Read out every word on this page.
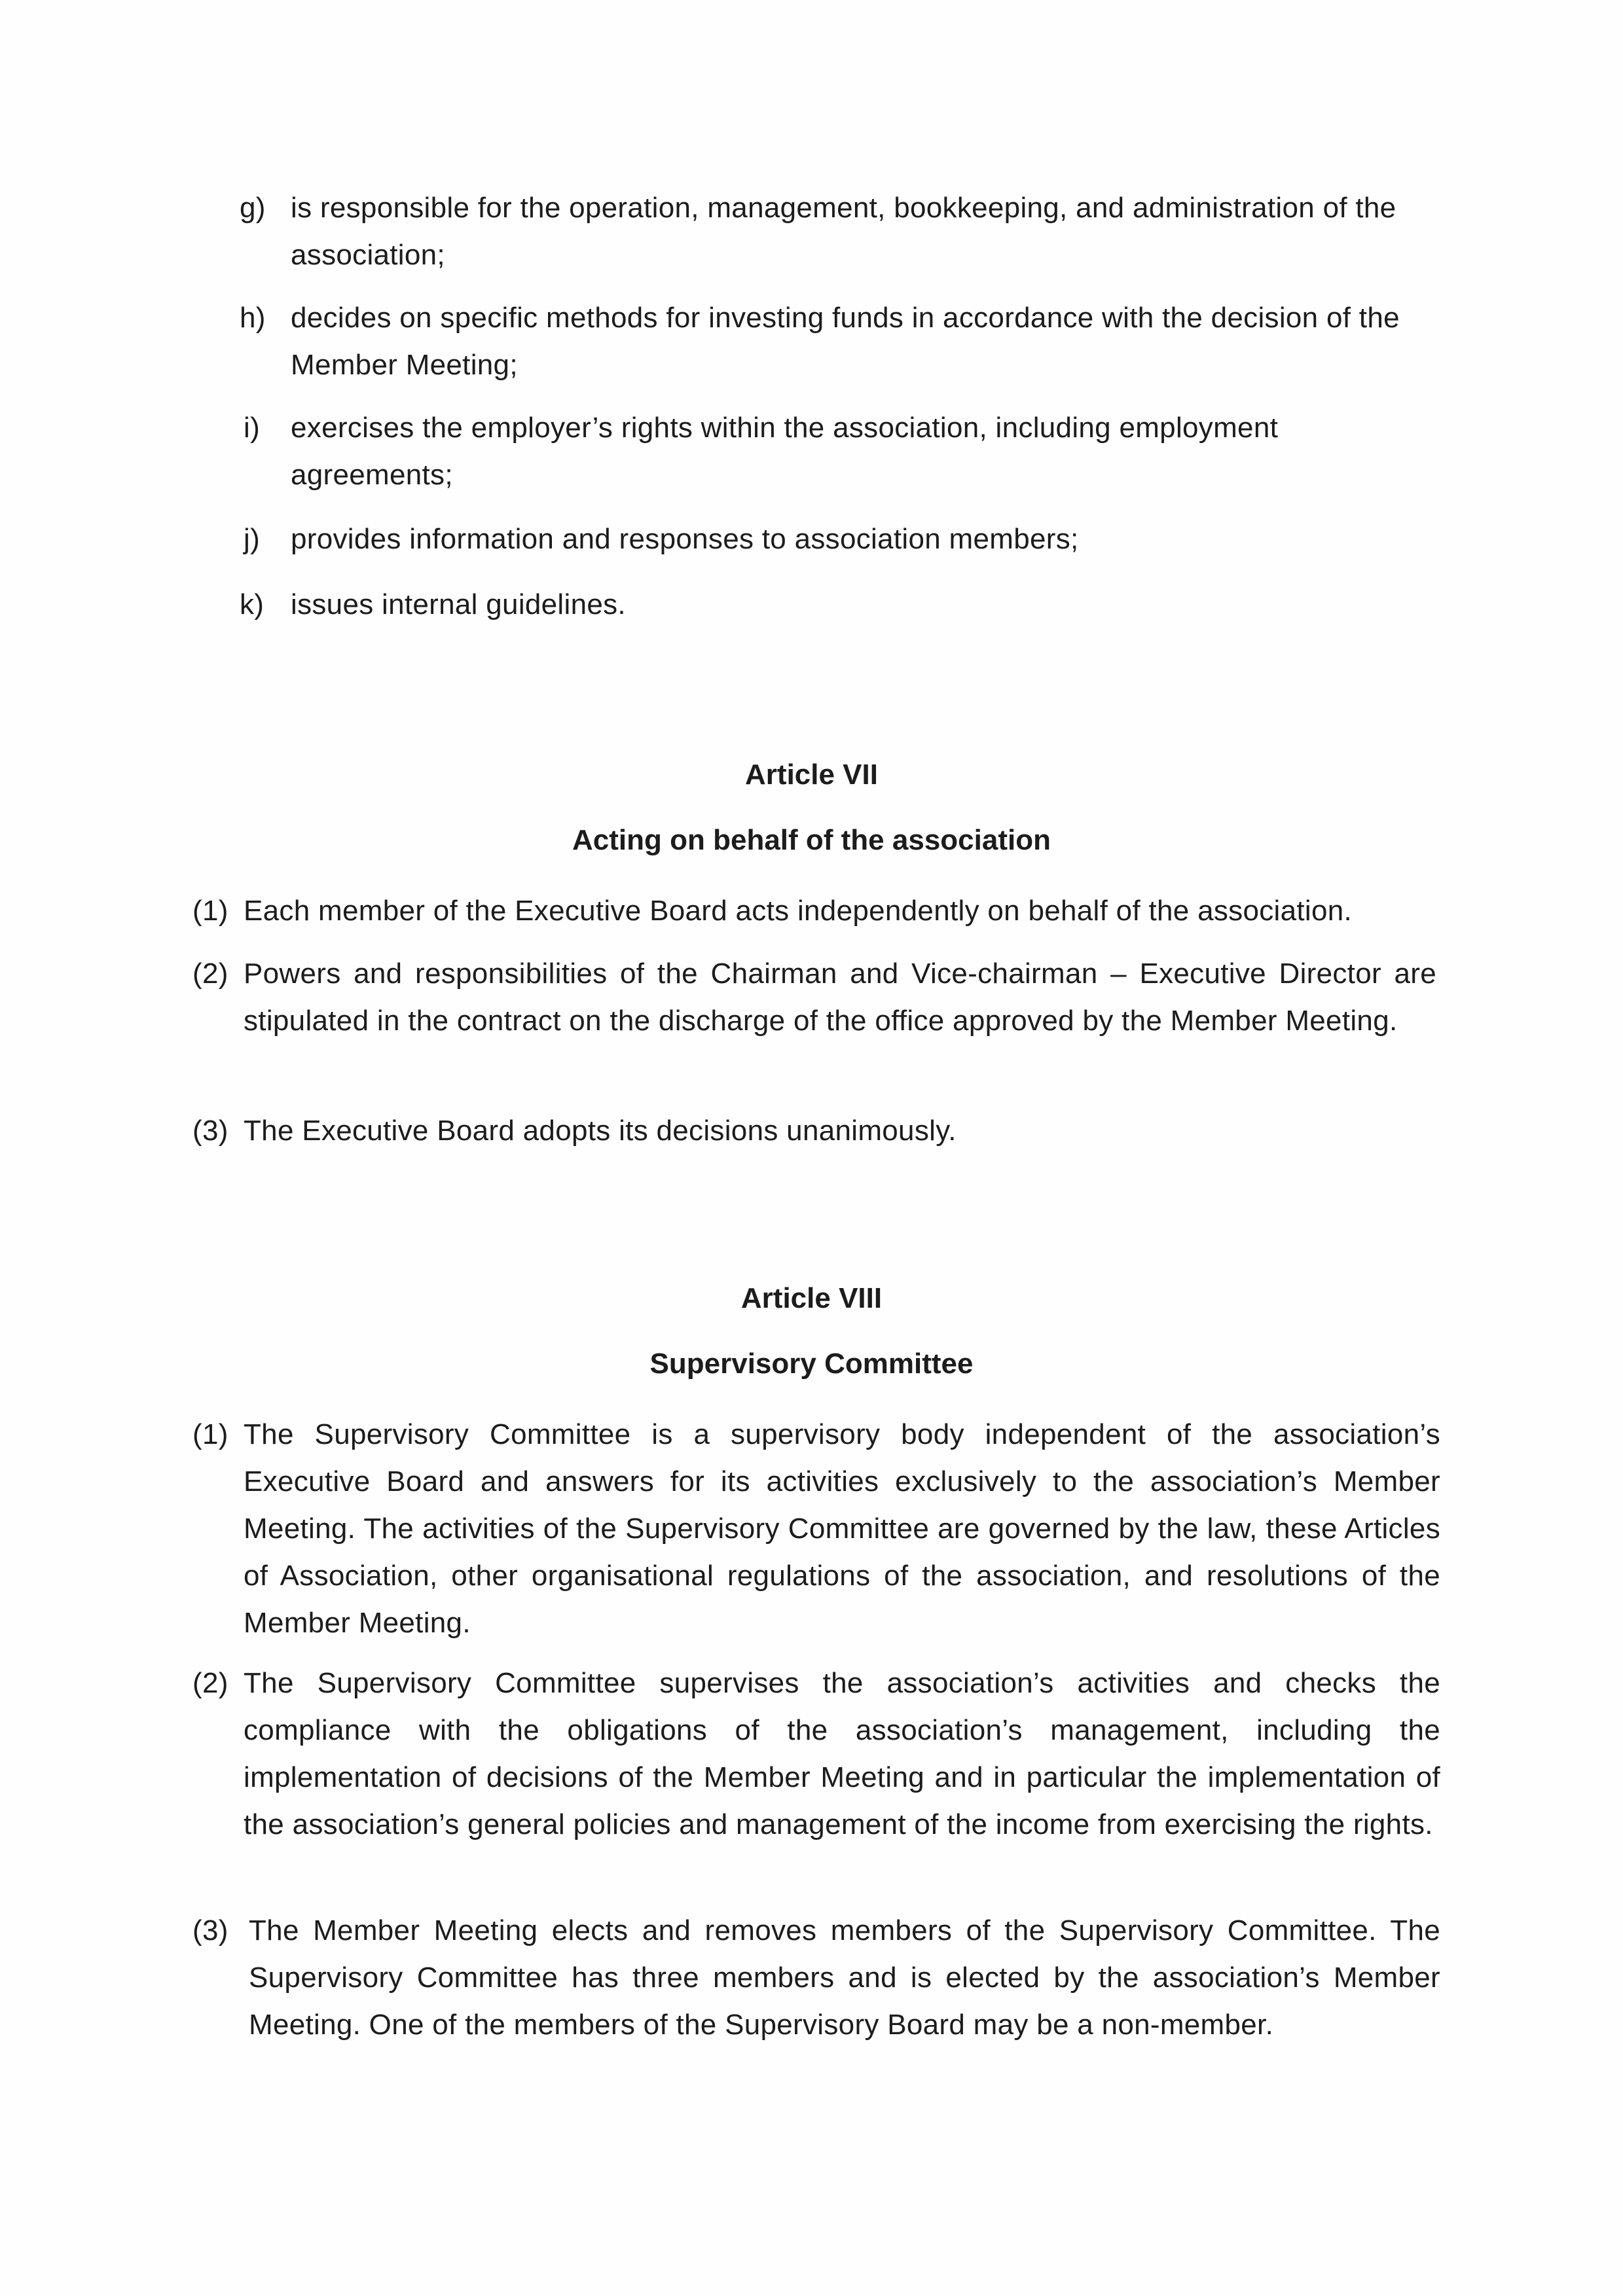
g) is responsible for the operation, management, bookkeeping, and administration of the association;
h) decides on specific methods for investing funds in accordance with the decision of the Member Meeting;
i) exercises the employer’s rights within the association, including employment agreements;
j) provides information and responses to association members;
k) issues internal guidelines.
Article VII
Acting on behalf of the association
(1) Each member of the Executive Board acts independently on behalf of the association.
(2) Powers and responsibilities of the Chairman and Vice-chairman – Executive Director are stipulated in the contract on the discharge of the office approved by the Member Meeting.
(3) The Executive Board adopts its decisions unanimously.
Article VIII
Supervisory Committee
(1) The Supervisory Committee is a supervisory body independent of the association’s Executive Board and answers for its activities exclusively to the association’s Member Meeting. The activities of the Supervisory Committee are governed by the law, these Articles of Association, other organisational regulations of the association, and resolutions of the Member Meeting.
(2) The Supervisory Committee supervises the association’s activities and checks the compliance with the obligations of the association’s management, including the implementation of decisions of the Member Meeting and in particular the implementation of the association’s general policies and management of the income from exercising the rights.
(3) The Member Meeting elects and removes members of the Supervisory Committee. The Supervisory Committee has three members and is elected by the association’s Member Meeting. One of the members of the Supervisory Board may be a non-member.
